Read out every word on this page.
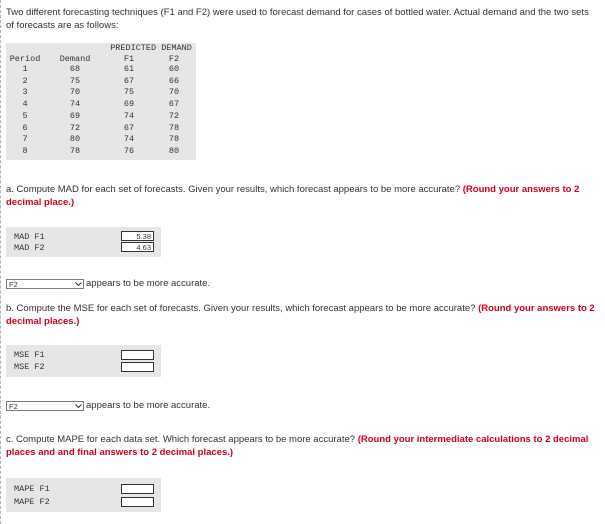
Two different forecasting techniques (F1 and F2) were used to forecast demand for cases of bottled water. Actual demand and the two sets of forecasts are as follows:
PREDICTED DEMAND
Period	Demand	F1	F2
1	68	61	60
2	75	67	66
3	70	75	70
4	74	69	67
5	69	74	72
6	72	67	78
7	80	74	78
8	78	76	80
a. Compute MAD for each set of forecasts. Given your results, which forecast appears to be more accurate? (Round your answers to 2 decimal place.)
MAD F1	5.38
MAD F2	4.63
F2	appears to be more accurate.
b. Compute the MSE for each set of forecasts. Given your results, which forecast appears to be more accurate? (Round your answers to 2 decimal places.)
MSE F1
MSE F2
F2	appears to be more accurate.
c. Compute MAPE for each data set. Which forecast appears to be more accurate? (Round your intermediate calculations to 2 decimal places and and final answers to 2 decimal places.)
MAPE F1
MAPE F2
